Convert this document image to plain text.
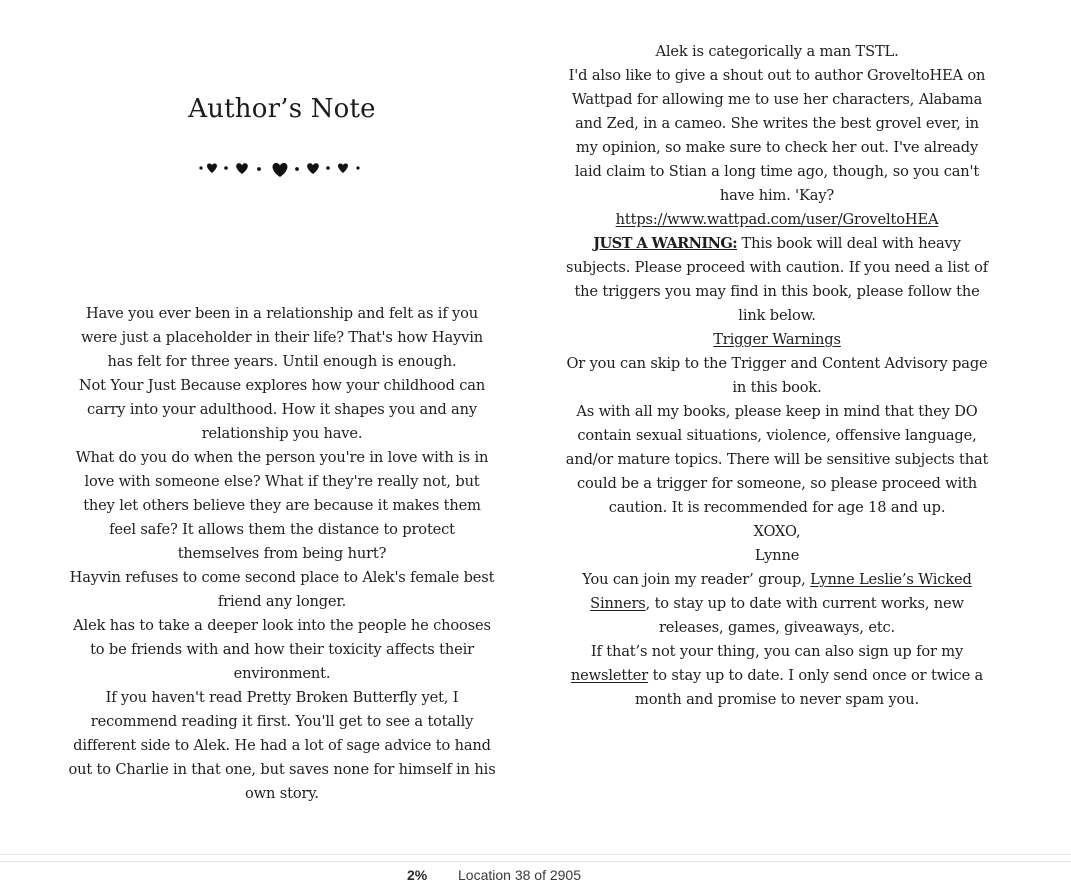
Author’s Note

Have you ever been in a relationship and felt as if you were just a placeholder in their life? That's how Hayvin has felt for three years. Until enough is enough.

Not Your Just Because explores how your childhood can carry into your adulthood. How it shapes you and any relationship you have.

What do you do when the person you're in love with is in love with someone else? What if they're really not, but they let others believe they are because it makes them feel safe? It allows them the distance to protect themselves from being hurt?

Hayvin refuses to come second place to Alek's female best friend any longer.

Alek has to take a deeper look into the people he chooses to be friends with and how their toxicity affects their environment.

If you haven't read Pretty Broken Butterfly yet, I recommend reading it first. You'll get to see a totally different side to Alek. He had a lot of sage advice to hand out to Charlie in that one, but saves none for himself in his own story.

Alek is categorically a man TSTL.

I'd also like to give a shout out to author GroveltoHEA on Wattpad for allowing me to use her characters, Alabama and Zed, in a cameo. She writes the best grovel ever, in my opinion, so make sure to check her out. I've already laid claim to Stian a long time ago, though, so you can't have him. 'Kay?

https://www.wattpad.com/user/GroveltoHEA

JUST A WARNING: This book will deal with heavy subjects. Please proceed with caution. If you need a list of the triggers you may find in this book, please follow the link below.

Trigger Warnings

Or you can skip to the Trigger and Content Advisory page in this book.

As with all my books, please keep in mind that they DO contain sexual situations, violence, offensive language, and/or mature topics. There will be sensitive subjects that could be a trigger for someone, so please proceed with caution. It is recommended for age 18 and up.

XOXO,

Lynne

You can join my reader’ group, Lynne Leslie’s Wicked Sinners, to stay up to date with current works, new releases, games, giveaways, etc.

If that’s not your thing, you can also sign up for my newsletter to stay up to date. I only send once or twice a month and promise to never spam you.

2% Location 38 of 2905
